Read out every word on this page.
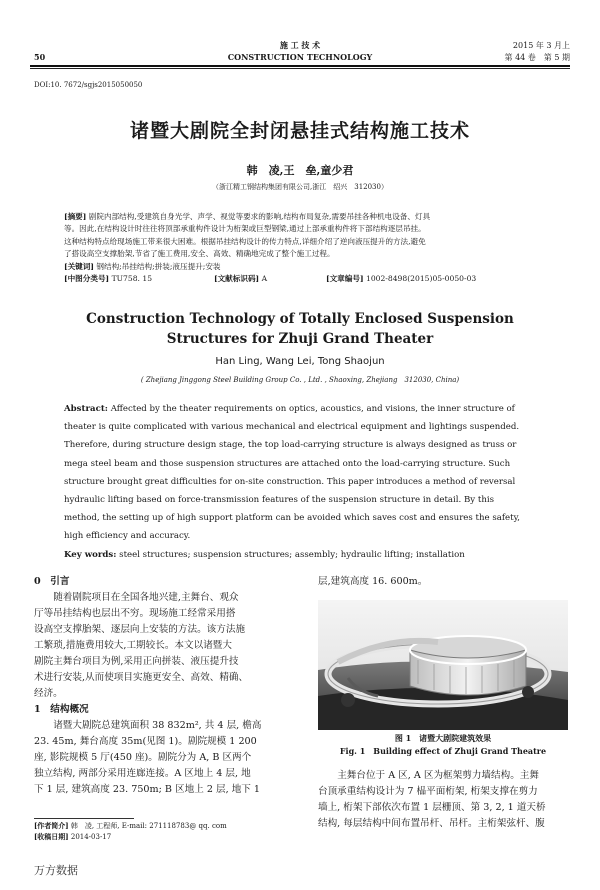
50
施 工 技 术
CONSTRUCTION TECHNOLOGY
2015 年 3 月上
第 44 卷　第 5 期
DOI:10. 7672/sgjs2015050050
诸暨大剧院全封闭悬挂式结构施工技术
韩　凌,王　垒,童少君
（浙江精工钢结构集团有限公司,浙江　绍兴　312030）
[摘要] 剧院内部结构,受建筑自身光学、声学、视觉等要求的影响,结构布局复杂,需要吊挂各种机电设备、灯具
等。因此,在结构设计时往往将顶部承重构件设计为桁架或巨型钢梁,通过上部承重构件将下部结构逐层吊挂。
这种结构特点给现场施工带来很大困难。根据吊挂结构设计的传力特点,详细介绍了逆向液压提升的方法,避免
了搭设高空支撑胎架,节省了施工费用,安全、高效、精确地完成了整个施工过程。
[关键词] 钢结构;吊挂结构;拼装;液压提升;安装
[中图分类号] TU758. 15	[文献标识码] A	[文章编号] 1002-8498(2015)05-0050-03
Construction Technology of Totally Enclosed Suspension
Structures for Zhuji Grand Theater
Han Ling, Wang Lei, Tong Shaojun
( Zhejiang Jinggong Steel Building Group Co. , Ltd. , Shaoxing, Zhejiang　312030, China)
Abstract: Affected by the theater requirements on optics, acoustics, and visions, the inner structure of
theater is quite complicated with various mechanical and electrical equipment and lightings suspended.
Therefore, during structure design stage, the top load-carrying structure is always designed as truss or
mega steel beam and those suspension structures are attached onto the load-carrying structure. Such
structure brought great difficulties for on-site construction. This paper introduces a method of reversal
hydraulic lifting based on force-transmission features of the suspension structure in detail. By this
method, the setting up of high support platform can be avoided which saves cost and ensures the safety,
high efficiency and accuracy.
Key words: steel structures; suspension structures; assembly; hydraulic lifting; installation
0　引言
随着剧院项目在全国各地兴建,主舞台、观众
厅等吊挂结构也层出不穷。现场施工经常采用搭
设高空支撑胎架、逐层向上安装的方法。该方法施
工繁琐,措施费用较大,工期较长。本文以诸暨大
剧院主舞台项目为例,采用正向拼装、液压提升技
术进行安装,从而使项目实施更安全、高效、精确、
经济。
1　结构概况
诸暨大剧院总建筑面积 38 832m², 共 4 层, 檐高
23. 45m, 舞台高度 35m(见图 1)。剧院规模 1 200
座, 影院规模 5 厅(450 座)。剧院分为 A, B 区两个
独立结构, 两部分采用连廊连接。A 区地上 4 层, 地
下 1 层, 建筑高度 23. 750m; B 区地上 2 层, 地下 1
层,建筑高度 16. 600m。
图 1　诸暨大剧院建筑效果
Fig. 1　Building effect of Zhuji Grand Theatre
主舞台位于 A 区, A 区为框架剪力墙结构。主舞
台顶承重结构设计为 7 榀平面桁架, 桁架支撑在剪力
墙上, 桁架下部依次布置 1 层栅顶、第 3, 2, 1 道天桥
结构, 每层结构中间布置吊杆、吊杆。主桁架弦杆、腹
[作者简介] 韩　凌, 工程师, E-mail: 271118783@ qq. com
[收稿日期] 2014-03-17
万方数据
